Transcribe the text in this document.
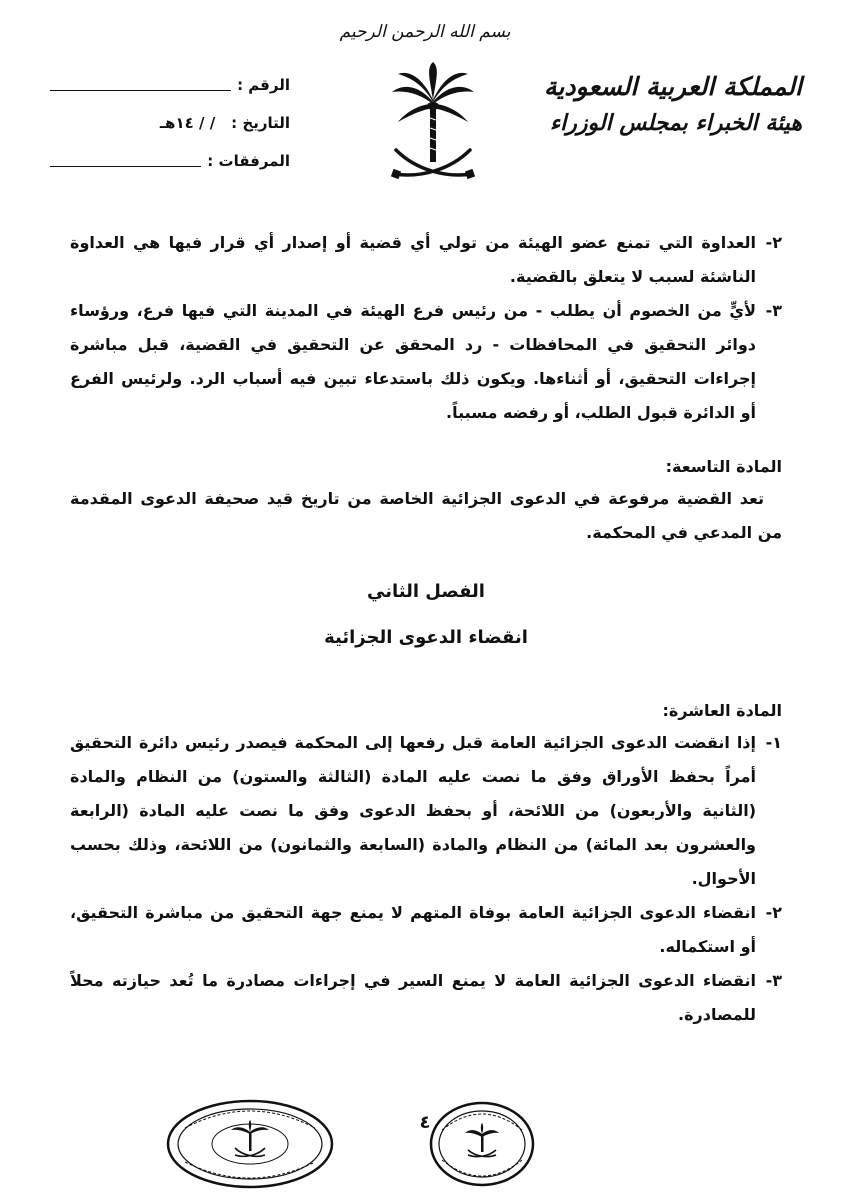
بسم الله الرحمن الرحيم
المملكة العربية السعودية
هيئة الخبراء بمجلس الوزراء
الرقم :
التاريخ :
/ / ١٤هـ
المرفقات :
٢-
العداوة التي تمنع عضو الهيئة من تولي أي قضية أو إصدار أي قرار فيها هي العداوة الناشئة لسبب لا يتعلق بالقضية.
٣-
لأيٍّ من الخصوم أن يطلب - من رئيس فرع الهيئة في المدينة التي فيها فرع، ورؤساء دوائر التحقيق في المحافظات - رد المحقق عن التحقيق في القضية، قبل مباشرة إجراءات التحقيق، أو أثناءها. ويكون ذلك باستدعاء تبين فيه أسباب الرد. ولرئيس الفرع أو الدائرة قبول الطلب، أو رفضه مسبباً.
المادة التاسعة:
تعد القضية مرفوعة في الدعوى الجزائية الخاصة من تاريخ قيد صحيفة الدعوى المقدمة من المدعي في المحكمة.
الفصل الثاني
انقضاء الدعوى الجزائية
المادة العاشرة:
١-
إذا انقضت الدعوى الجزائية العامة قبل رفعها إلى المحكمة فيصدر رئيس دائرة التحقيق أمراً بحفظ الأوراق وفق ما نصت عليه المادة (الثالثة والستون) من النظام والمادة (الثانية والأربعون) من اللائحة، أو بحفظ الدعوى وفق ما نصت عليه المادة (الرابعة والعشرون بعد المائة) من النظام والمادة (السابعة والثمانون) من اللائحة، وذلك بحسب الأحوال.
٢-
انقضاء الدعوى الجزائية العامة بوفاة المتهم لا يمنع جهة التحقيق من مباشرة التحقيق، أو استكماله.
٣-
انقضاء الدعوى الجزائية العامة لا يمنع السير في إجراءات مصادرة ما تُعد حيازته محلاً للمصادرة.
٤
